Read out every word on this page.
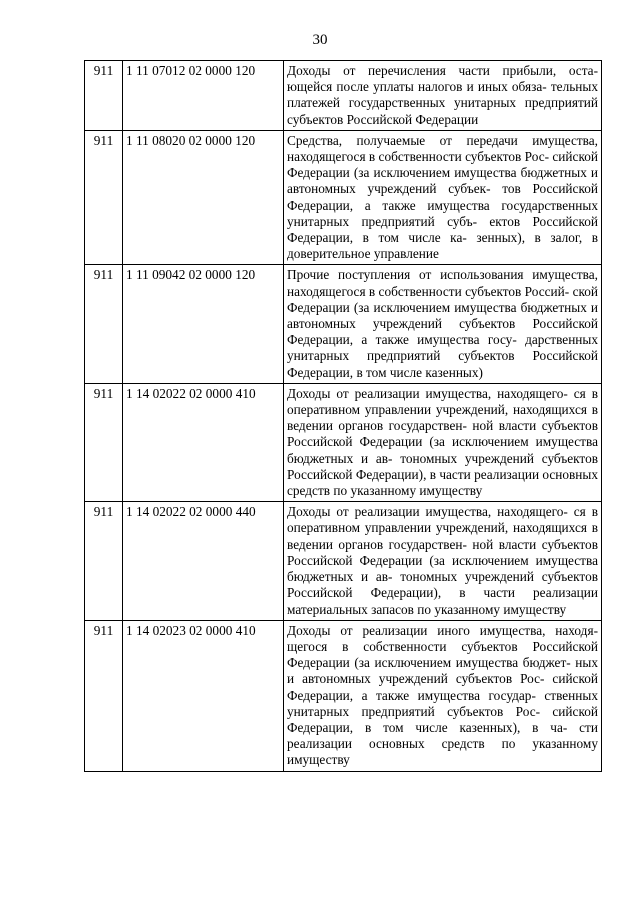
30
911	1 11 07012 02 0000 120	Доходы от перечисления части прибыли, оста- ющейся после уплаты налогов и иных обяза- тельных платежей государственных унитарных предприятий субъектов Российской Федерации
911	1 11 08020 02 0000 120	Средства, получаемые от передачи имущества, находящегося в собственности субъектов Рос- сийской Федерации (за исключением имущества бюджетных и автономных учреждений субъек- тов Российской Федерации, а также имущества государственных унитарных предприятий субъ- ектов Российской Федерации, в том числе ка- зенных), в залог, в доверительное управление
911	1 11 09042 02 0000 120	Прочие поступления от использования имущества, находящегося в собственности субъектов Россий- ской Федерации (за исключением имущества бюджетных и автономных учреждений субъектов Российской Федерации, а также имущества госу- дарственных унитарных предприятий субъектов Российской Федерации, в том числе казенных)
911	1 14 02022 02 0000 410	Доходы от реализации имущества, находящего- ся в оперативном управлении учреждений, находящихся в ведении органов государствен- ной власти субъектов Российской Федерации (за исключением имущества бюджетных и ав- тономных учреждений субъектов Российской Федерации), в части реализации основных средств по указанному имуществу
911	1 14 02022 02 0000 440	Доходы от реализации имущества, находящего- ся в оперативном управлении учреждений, находящихся в ведении органов государствен- ной власти субъектов Российской Федерации (за исключением имущества бюджетных и ав- тономных учреждений субъектов Российской Федерации), в части реализации материальных запасов по указанному имуществу
911	1 14 02023 02 0000 410	Доходы от реализации иного имущества, находя- щегося в собственности субъектов Российской Федерации (за исключением имущества бюджет- ных и автономных учреждений субъектов Рос- сийской Федерации, а также имущества государ- ственных унитарных предприятий субъектов Рос- сийской Федерации, в том числе казенных), в ча- сти реализации основных средств по указанному имуществу
